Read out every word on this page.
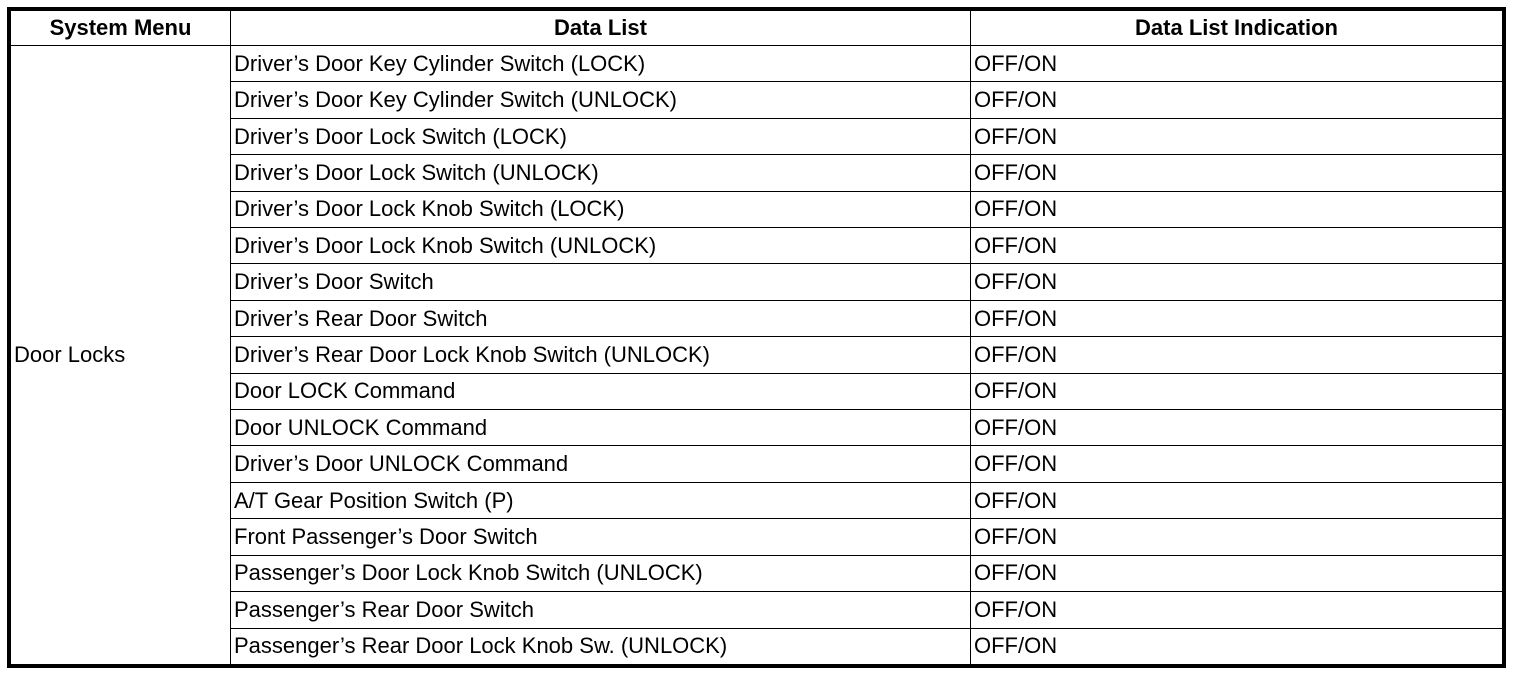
System Menu	Data List	Data List Indication
Door Locks	Driver’s Door Key Cylinder Switch (LOCK)	OFF/ON
	Driver’s Door Key Cylinder Switch (UNLOCK)	OFF/ON
	Driver’s Door Lock Switch (LOCK)	OFF/ON
	Driver’s Door Lock Switch (UNLOCK)	OFF/ON
	Driver’s Door Lock Knob Switch (LOCK)	OFF/ON
	Driver’s Door Lock Knob Switch (UNLOCK)	OFF/ON
	Driver’s Door Switch	OFF/ON
	Driver’s Rear Door Switch	OFF/ON
	Driver’s Rear Door Lock Knob Switch (UNLOCK)	OFF/ON
	Door LOCK Command	OFF/ON
	Door UNLOCK Command	OFF/ON
	Driver’s Door UNLOCK Command	OFF/ON
	A/T Gear Position Switch (P)	OFF/ON
	Front Passenger’s Door Switch	OFF/ON
	Passenger’s Door Lock Knob Switch (UNLOCK)	OFF/ON
	Passenger’s Rear Door Switch	OFF/ON
	Passenger’s Rear Door Lock Knob Sw. (UNLOCK)	OFF/ON
